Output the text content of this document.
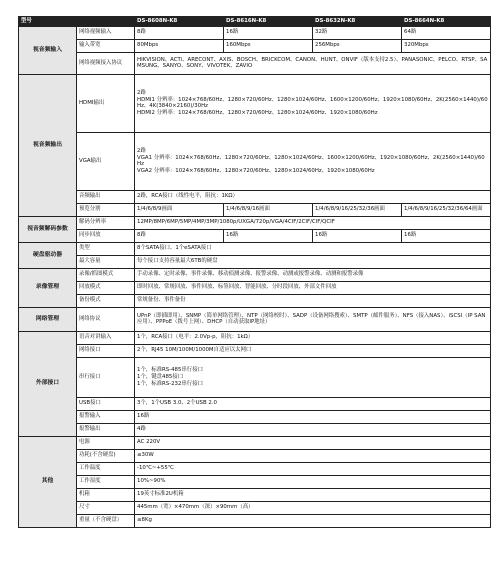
型号		DS-8608N-K8	DS-8616N-K8	DS-8632N-K8	DS-8664N-K8
视音频输入	网络视频输入	8路	16路	32路	64路
	输入带宽	80Mbps	160Mbps	256Mbps	320Mbps
	网络视频接入协议	HIKVISION、ACTi、ARECONT、AXIS、BOSCH、BRICKCOM、CANON、HUNT、ONVIF（版本支持2.5）、PANASONIC、PELCO、RTSP、SAMSUNG、SANYO、SONY、VIVOTEK、ZAVIO			
视音频输出	HDMI输出	2路
HDMI1 分辨率：1024×768/60Hz、1280×720/60Hz、1280×1024/60Hz、1600×1200/60Hz、1920×1080/60Hz、2K(2560×1440)/60Hz、4K(3840×2160)/30Hz
HDMI2 分辨率：1024×768/60Hz、1280×720/60Hz、1280×1024/60Hz、1920×1080/60Hz			

	VGA输出	2路
VGA1 分辨率：1024×768/60Hz、1280×720/60Hz、1280×1024/60Hz、1600×1200/60Hz、1920×1080/60Hz、2K(2560×1440)/60Hz
VGA2 分辨率：1024×768/60Hz、1280×720/60Hz、1280×1024/60Hz、1920×1080/60Hz			

	音频输出	2路，RCA接口（线性电平，阻抗：1KΩ）			
	预览分割	1/4/6/8/9画面	1/4/6/8/9/16画面	1/4/6/8/9/16/25/32/36画面	1/4/6/8/9/16/25/32/36/64画面
视音频解码参数	解码分辨率	12MP/8MP/6MP/5MP/4MP/3MP/1080p/UXGA/720p/VGA/4CIF/2CIF/CIF/QCIF			
	同步回放	8路	16路	16路	16路
硬盘驱动器	类型	8个SATA接口、1个eSATA接口			
	最大容量	每个接口支持容量最大6TB的硬盘			
录像管理	录像/抓图模式	手动录像、定时录像、事件录像、移动侦测录像、报警录像、动测或报警录像、动测和报警录像			
	回放模式	即时回放、常规回放、事件回放、标签回放、智能回放、分时段回放、外部文件回放			
	备份模式	常规备份、事件备份			
网络管理	网络协议	UPnP（即插即用）、SNMP（简单网络管理）、NTP（网络校时）、SADP（设备网络搜索）、SMTP（邮件服务）、NFS（接入NAS）、iSCSI（IP SAN应用）、PPPoE（拨号上网）、DHCP（自动获取IP地址）			
外部接口	语音对讲输入	1个，RCA接口（电平：2.0Vp-p，阻抗：1kΩ）			
	网络接口	2个，RJ45 10M/100M/1000M自适应以太网口			
	串行接口	1个，标准RS-485串行接口
1个，键盘485接口
1个，标准RS-232串行接口			

	USB接口	3个，1个USB 3.0、2个USB 2.0			
	报警输入	16路			
	报警输出	4路			
其他	电源	AC 220V			
	功耗(不含硬盘)	≤30W			
	工作温度	-10℃~+55℃			
	工作湿度	10%~90%			
	机箱	19英寸标准2U机箱			
	尺寸	445mm（宽）×470mm（深）×90mm（高）			
	重量（不含硬盘）	≤8Kg			
